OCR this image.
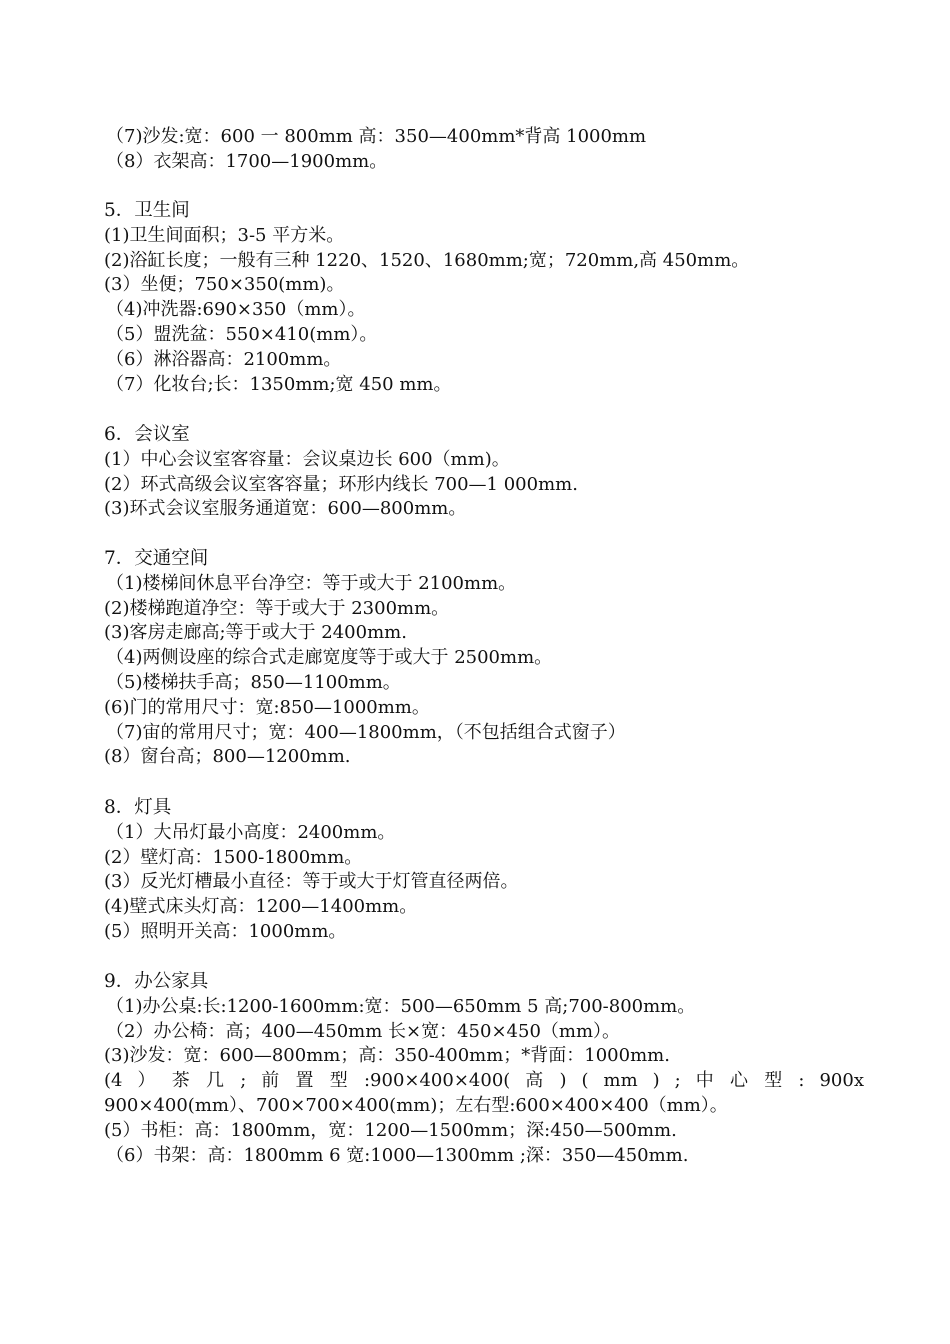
（7)沙发:宽：600 一 800mm 高：350—400mm*背高 1000mm
（8）衣架高：1700—1900mm。
5．卫生间
(1)卫生间面积；3-5 平方米。
(2)浴缸长度；一般有三种 1220、1520、1680mm;宽；720mm,高 450mm。
(3）坐便；750×350(mm)。
（4)冲洗器:690×350（mm）。
（5）盟洗盆：550×410(mm）。
（6）淋浴器高：2100mm。
（7）化妆台;长：1350mm;宽 450 mm。
6．会议室
(1）中心会议室客容量：会议桌边长 600（mm)。
(2）环式高级会议室客容量；环形内线长 700—1 000mm.
(3)环式会议室服务通道宽：600—800mm。
7．交通空间
（1)楼梯间休息平台净空：等于或大于 2100mm。
(2)楼梯跑道净空：等于或大于 2300mm。
(3)客房走廊高;等于或大于 2400mm.
（4)两侧设座的综合式走廊宽度等于或大于 2500mm。
（5)楼梯扶手高；850—1100mm。
(6)门的常用尺寸：宽:850—1000mm。
（7)宙的常用尺寸；宽：400—1800mm，（不包括组合式窗子）
(8）窗台高；800—1200mm.
8．灯具
（1）大吊灯最小高度：2400mm。
(2）壁灯高：1500-1800mm。
(3）反光灯槽最小直径：等于或大于灯管直径两倍。
(4)壁式床头灯高：1200—1400mm。
(5）照明开关高：1000mm。
9．办公家具
（1)办公桌:长:1200-1600mm:宽：500—650mm 5 高;700-800mm。
（2）办公椅：高；400—450mm 长×宽：450×450（mm）。
(3)沙发：宽：600—800mm；高：350-400mm；*背面：1000mm.
(4 ） 茶 几 ; 前 置 型 :900×400×400( 高 ) ( mm ) ; 中 心 型 : 900x
900×400(mm）、700×700×400(mm)；左右型:600×400×400（mm）。
(5）书柜：高：1800mm，宽：1200—1500mm；深:450—500mm.
（6）书架：高：1800mm 6 宽:1000—1300mm ;深：350—450mm.
